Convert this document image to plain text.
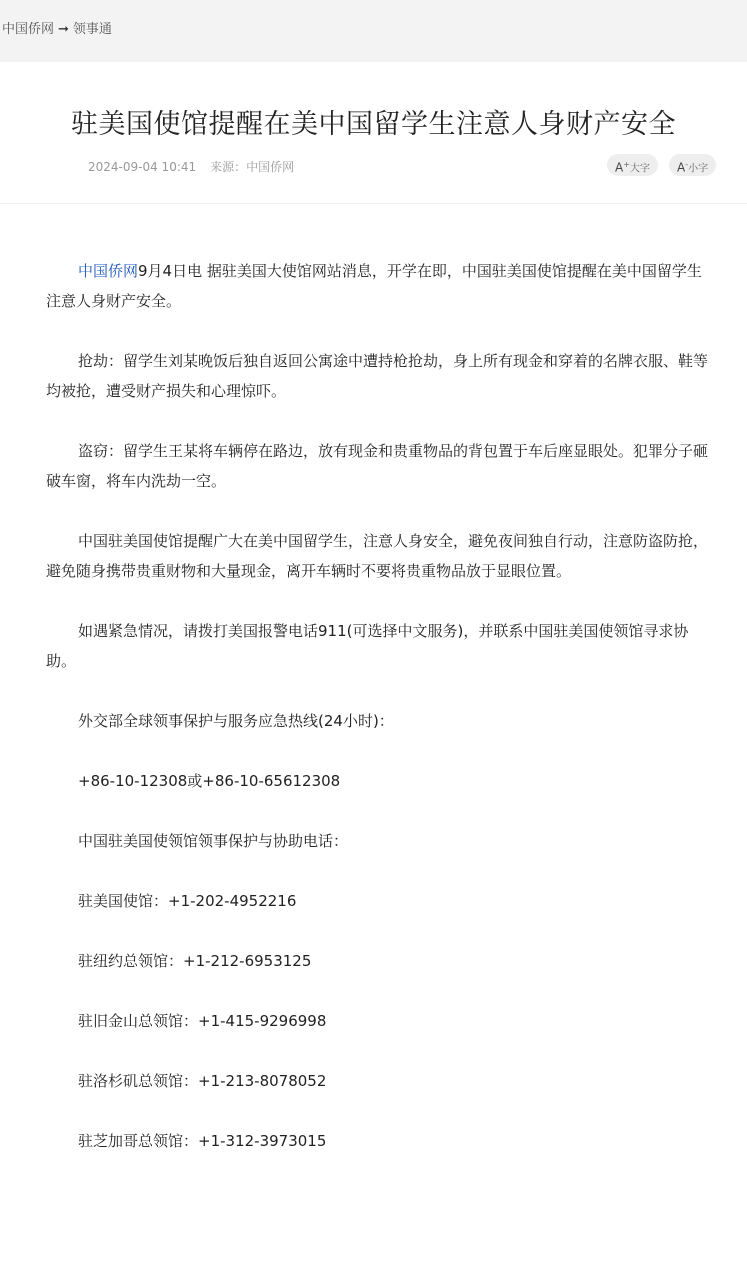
中国侨网 ➞ 领事通
驻美国使馆提醒在美中国留学生注意人身财产安全
2024-09-04 10:41 来源：中国侨网	A+大字	A-小字

中国侨网9月4日电 据驻美国大使馆网站消息，开学在即，中国驻美国使馆提醒在美中国留学生注意人身财产安全。

抢劫：留学生刘某晚饭后独自返回公寓途中遭持枪抢劫，身上所有现金和穿着的名牌衣服、鞋等均被抢，遭受财产损失和心理惊吓。

盗窃：留学生王某将车辆停在路边，放有现金和贵重物品的背包置于车后座显眼处。犯罪分子砸破车窗，将车内洗劫一空。

中国驻美国使馆提醒广大在美中国留学生，注意人身安全，避免夜间独自行动，注意防盗防抢，避免随身携带贵重财物和大量现金，离开车辆时不要将贵重物品放于显眼位置。

如遇紧急情况，请拨打美国报警电话911(可选择中文服务)，并联系中国驻美国使领馆寻求协助。

外交部全球领事保护与服务应急热线(24小时)：

+86-10-12308或+86-10-65612308

中国驻美国使领馆领事保护与协助电话：

驻美国使馆：+1-202-4952216

驻纽约总领馆：+1-212-6953125

驻旧金山总领馆：+1-415-9296998

驻洛杉矶总领馆：+1-213-8078052

驻芝加哥总领馆：+1-312-3973015
